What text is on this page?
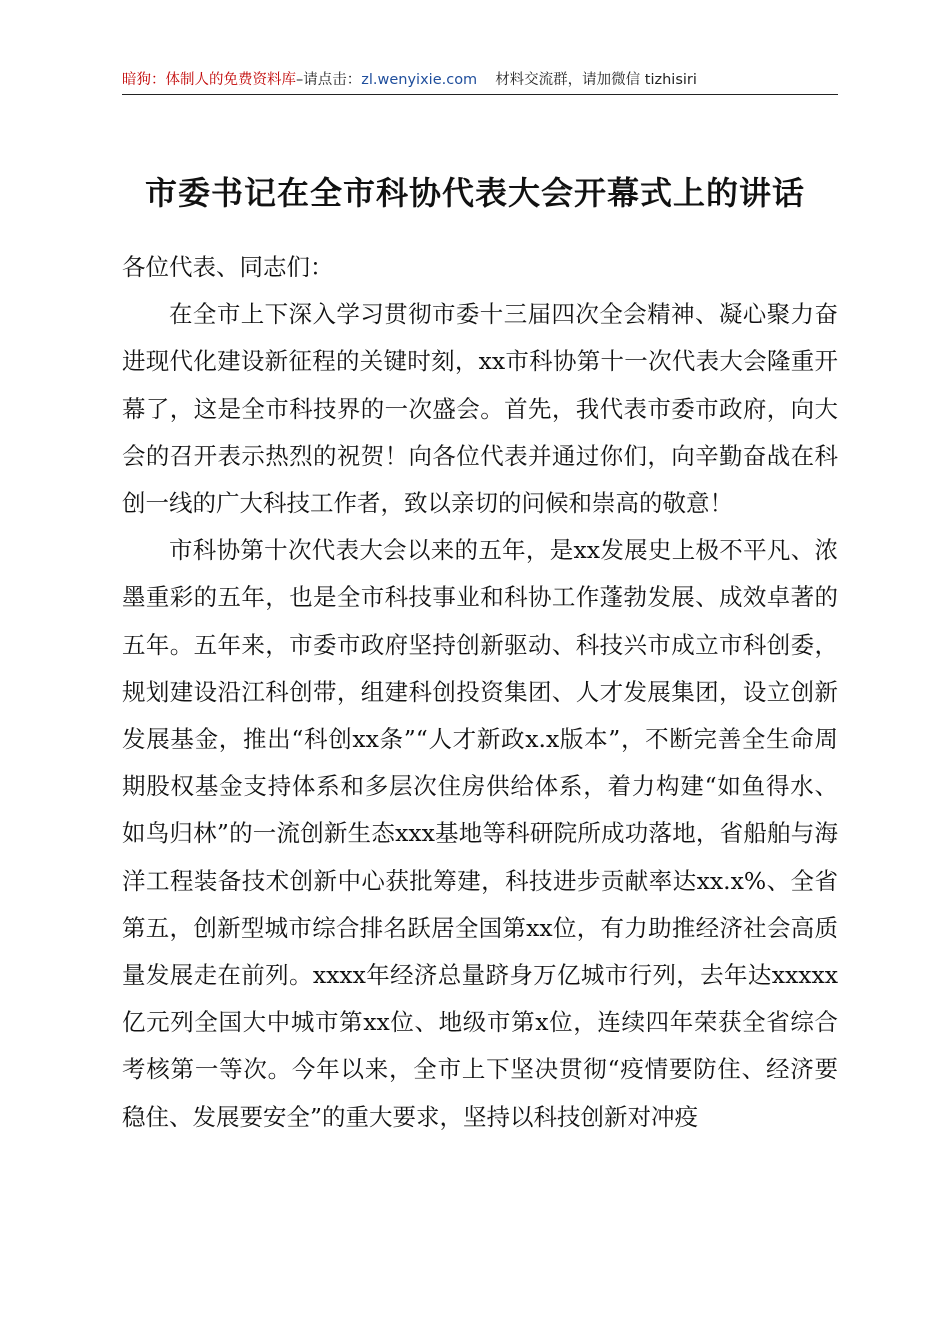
暗狗：体制人的免费资料库–请点击：zl.wenyixie.com 材料交流群，请加微信 tizhisiri
市委书记在全市科协代表大会开幕式上的讲话

各位代表、同志们：

在全市上下深入学习贯彻市委十三届四次全会精神、凝心聚力奋进现代化建设新征程的关键时刻，xx市科协第十一次代表大会隆重开幕了，这是全市科技界的一次盛会。首先，我代表市委市政府，向大会的召开表示热烈的祝贺！向各位代表并通过你们，向辛勤奋战在科创一线的广大科技工作者，致以亲切的问候和崇高的敬意！

市科协第十次代表大会以来的五年，是xx发展史上极不平凡、浓墨重彩的五年，也是全市科技事业和科协工作蓬勃发展、成效卓著的五年。五年来，市委市政府坚持创新驱动、科技兴市成立市科创委，规划建设沿江科创带，组建科创投资集团、人才发展集团，设立创新发展基金，推出“科创xx条”“人才新政x.x版本”，不断完善全生命周期股权基金支持体系和多层次住房供给体系，着力构建“如鱼得水、如鸟归林”的一流创新生态xxx基地等科研院所成功落地，省船舶与海洋工程装备技术创新中心获批筹建，科技进步贡献率达xx.x%、全省第五，创新型城市综合排名跃居全国第xx位，有力助推经济社会高质量发展走在前列。xxxx年经济总量跻身万亿城市行列，去年达xxxxx亿元列全国大中城市第xx位、地级市第x位，连续四年荣获全省综合考核第一等次。今年以来，全市上下坚决贯彻“疫情要防住、经济要稳住、发展要安全”的重大要求，坚持以科技创新对冲疫
